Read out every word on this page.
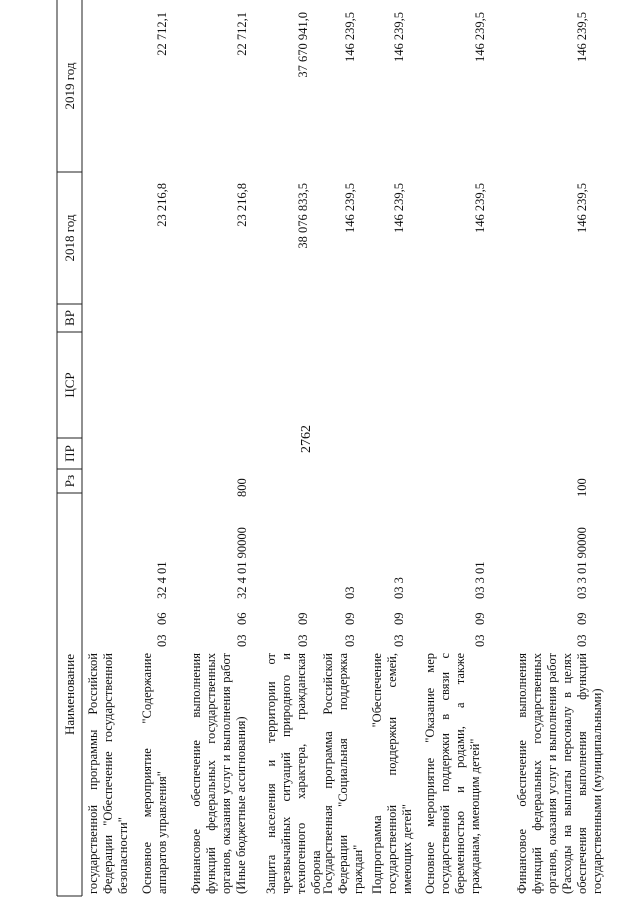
2762
Наименование
Рз
ПР
ЦСР
ВР
2018 год
2019 год
государственной программы Российской Федерации "Обеспечение государственной безопасности" Основное мероприятие "Содержание аппаратов управления"
03
06
32 4 01
23 216,8
22 712,1
Финансовое обеспечение выполнения функций федеральных государственных органов, оказания услуг и выполнения работ (Иные бюджетные ассигнования)
03
06
32 4 01 90000
800
23 216,8
22 712,1
Защита населения и территории от чрезвычайных ситуаций природного и техногенного характера, гражданская оборона
03
09
38 076 833,5
37 670 941,0
Государственная программа Российской Федерации "Социальная поддержка граждан"
03
09
03
146 239,5
146 239,5
Подпрограмма "Обеспечение государственной поддержки семей, имеющих детей"
03
09
03 3
146 239,5
146 239,5
Основное мероприятие "Оказание мер государственной поддержки в связи с беременностью и родами, а также гражданам, имеющим детей"
03
09
03 3 01
146 239,5
146 239,5
Финансовое обеспечение выполнения функций федеральных государственных органов, оказания услуг и выполнения работ (Расходы на выплаты персоналу в целях обеспечения выполнения функций государственными (муниципальными)
03
09
03 3 01 90000
100
146 239,5
146 239,5
